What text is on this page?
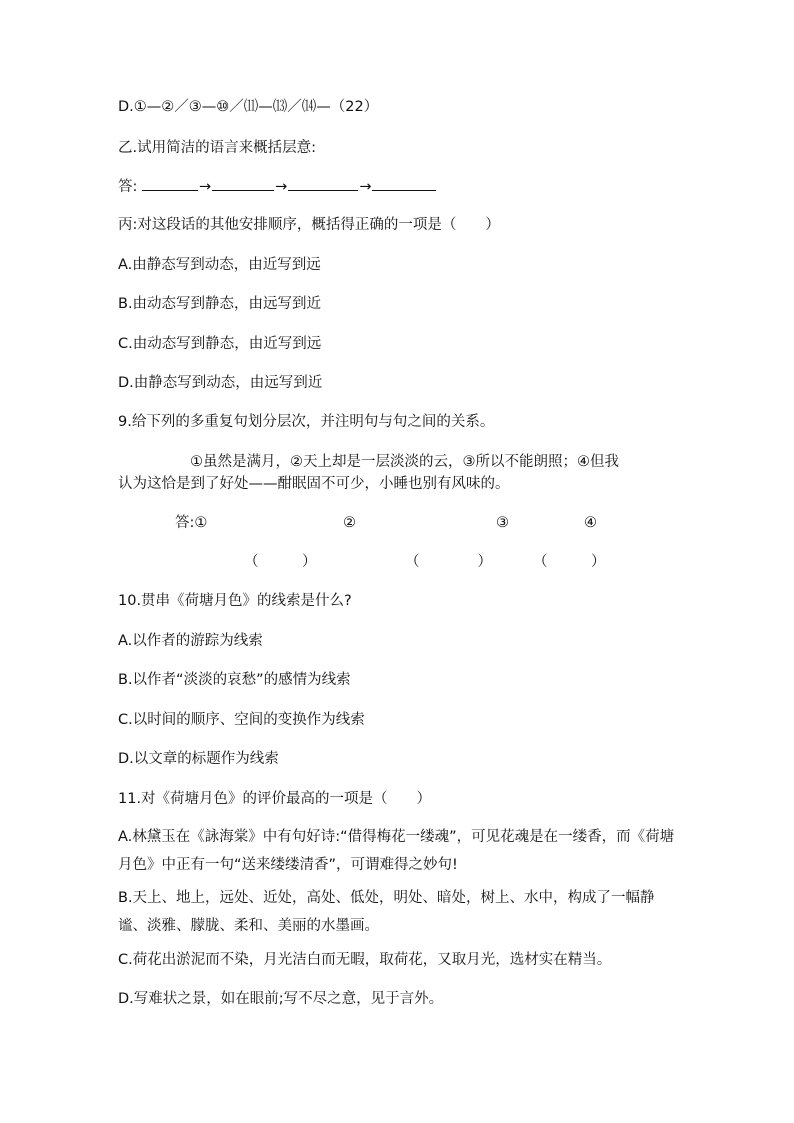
D.①—②／③—⑩／⑾—⒀／⒁—（22）
乙.试用简洁的语言来概括层意:
答:	→	→	→
丙:对这段话的其他安排顺序，概括得正确的一项是（　　）
A.由静态写到动态，由近写到远
B.由动态写到静态，由远写到近
C.由动态写到静态，由近写到远
D.由静态写到动态，由远写到近
9.给下列的多重复句划分层次，并注明句与句之间的关系。
①虽然是满月，②天上却是一层淡淡的云，③所以不能朗照；④但我
认为这恰是到了好处——酣眠固不可少，小睡也别有风味的。
答:①	②	③	④
（　　　）	（　　　　）	（　　　）
10.贯串《荷塘月色》的线索是什么?
A.以作者的游踪为线索
B.以作者“淡淡的哀愁”的感情为线索
C.以时间的顺序、空间的变换作为线索
D.以文章的标题作为线索
11.对《荷塘月色》的评价最高的一项是（　　）
A.林黛玉在《詠海棠》中有句好诗:“借得梅花一缕魂”，可见花魂是在一缕香，而《荷塘月色》中正有一句“送来缕缕清香”，可谓难得之妙句!
B.天上、地上，远处、近处，高处、低处，明处、暗处，树上、水中，构成了一幅静谧、淡雅、朦胧、柔和、美丽的水墨画。
C.荷花出淤泥而不染，月光洁白而无暇，取荷花，又取月光，选材实在精当。
D.写难状之景，如在眼前;写不尽之意，见于言外。
